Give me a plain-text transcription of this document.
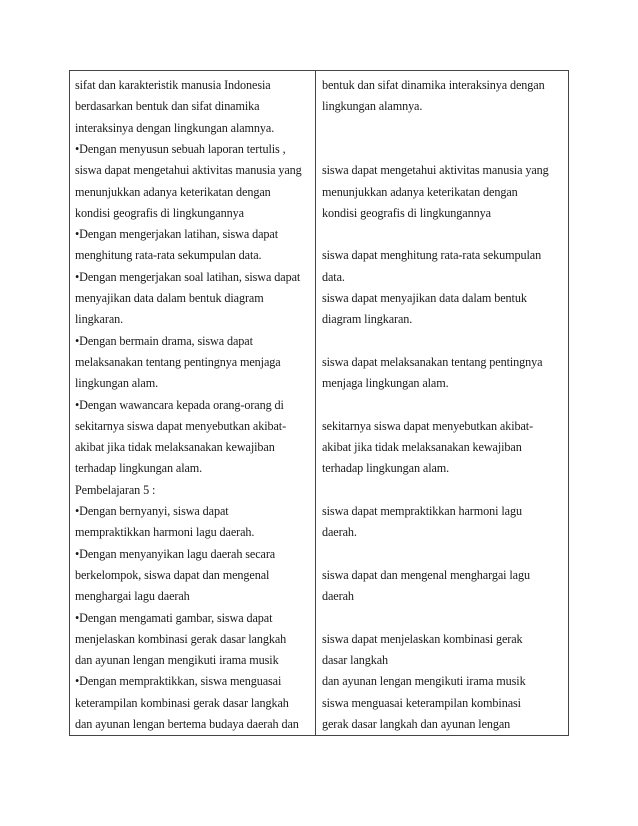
sifat dan karakteristik manusia Indonesia
berdasarkan bentuk dan sifat dinamika
interaksinya dengan lingkungan alamnya.
•Dengan menyusun sebuah laporan tertulis ,
siswa dapat mengetahui aktivitas manusia yang
menunjukkan adanya keterikatan dengan
kondisi geografis di lingkungannya
•Dengan mengerjakan latihan, siswa dapat
menghitung rata-rata sekumpulan data.
•Dengan mengerjakan soal latihan, siswa dapat
menyajikan data dalam bentuk diagram
lingkaran.
•Dengan bermain drama, siswa dapat
melaksanakan tentang pentingnya menjaga
lingkungan alam.
•Dengan wawancara kepada orang-orang di
sekitarnya siswa dapat menyebutkan akibat-
akibat jika tidak melaksanakan kewajiban
terhadap lingkungan alam.
Pembelajaran 5 :
•Dengan bernyanyi, siswa dapat
mempraktikkan harmoni lagu daerah.
•Dengan menyanyikan lagu daerah secara
berkelompok, siswa dapat dan mengenal
menghargai lagu daerah
•Dengan mengamati gambar, siswa dapat
menjelaskan kombinasi gerak dasar langkah
dan ayunan lengan mengikuti irama musik
•Dengan mempraktikkan, siswa menguasai
keterampilan kombinasi gerak dasar langkah
dan ayunan lengan bertema budaya daerah dan
bentuk dan sifat dinamika interaksinya dengan
lingkungan alamnya.
siswa dapat mengetahui aktivitas manusia yang
menunjukkan adanya keterikatan dengan
kondisi geografis di lingkungannya
siswa dapat menghitung rata-rata sekumpulan
data.
siswa dapat menyajikan data dalam bentuk
diagram lingkaran.
siswa dapat melaksanakan tentang pentingnya
menjaga lingkungan alam.
sekitarnya siswa dapat menyebutkan akibat-
akibat jika tidak melaksanakan kewajiban
terhadap lingkungan alam.
siswa dapat mempraktikkan harmoni lagu
daerah.
siswa dapat dan mengenal menghargai lagu
daerah
siswa dapat menjelaskan kombinasi gerak
dasar langkah
dan ayunan lengan mengikuti irama musik
siswa menguasai keterampilan kombinasi
gerak dasar langkah dan ayunan lengan
